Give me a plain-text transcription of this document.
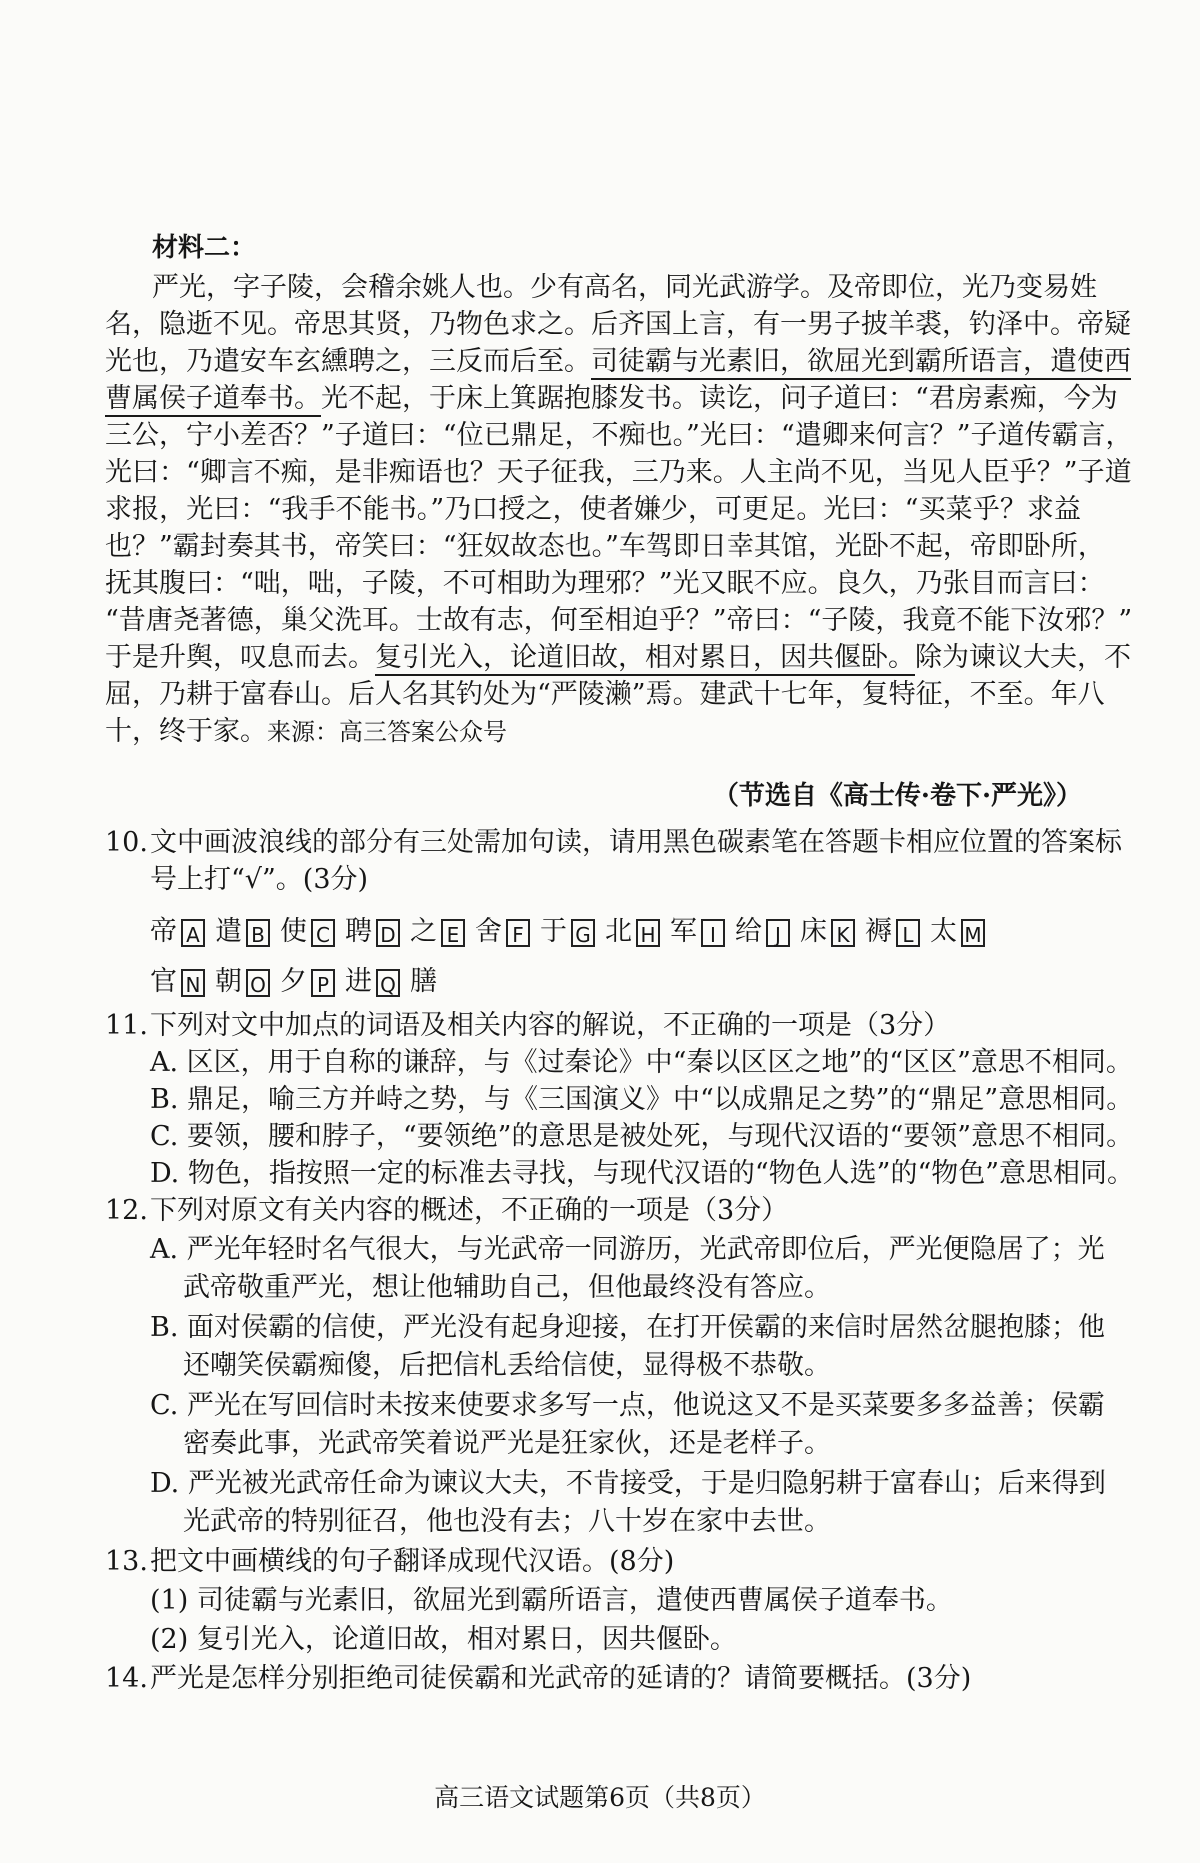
材料二：
严光，字子陵，会稽余姚人也。少有高名，同光武游学。及帝即位，光乃变易姓
名，隐逝不见。帝思其贤，乃物色求之。后齐国上言，有一男子披羊裘，钓泽中。帝疑
光也，乃遣安车玄纁聘之，三反而后至。司徒霸与光素旧，欲屈光到霸所语言，遣使西
曹属侯子道奉书。光不起，于床上箕踞抱膝发书。读讫，问子道曰：“君房素痴，今为
三公，宁小差否？”子道曰：“位已鼎足，不痴也。”光曰：“遣卿来何言？”子道传霸言，
光曰：“卿言不痴，是非痴语也？天子征我，三乃来。人主尚不见，当见人臣乎？”子道
求报，光曰：“我手不能书。”乃口授之，使者嫌少，可更足。光曰：“买菜乎？求益
也？”霸封奏其书，帝笑曰：“狂奴故态也。”车驾即日幸其馆，光卧不起，帝即卧所，
抚其腹曰：“咄，咄，子陵，不可相助为理邪？”光又眠不应。良久，乃张目而言曰：
“昔唐尧著德，巢父洗耳。士故有志，何至相迫乎？”帝曰：“子陵，我竟不能下汝邪？”
于是升舆，叹息而去。复引光入，论道旧故，相对累日，因共偃卧。除为谏议大夫，不
屈，乃耕于富春山。后人名其钓处为“严陵濑”焉。建武十七年，复特征，不至。年八
十，终于家。来源：高三答案公众号
（节选自《高士传·卷下·严光》）
10. 文中画波浪线的部分有三处需加句读，请用黑色碳素笔在答题卡相应位置的答案标
号上打“√”。(3分)
帝 A 遣 B 使 C 聘 D 之 E 舍 F 于 G 北 H 军 I 给 J 床 K 褥 L 太 M
官 N 朝 O 夕 P 进 Q 膳
11. 下列对文中加点的词语及相关内容的解说，不正确的一项是（3分）
A. 区区，用于自称的谦辞，与《过秦论》中“秦以区区之地”的“区区”意思不相同。
B. 鼎足，喻三方并峙之势，与《三国演义》中“以成鼎足之势”的“鼎足”意思相同。
C. 要领，腰和脖子，“要领绝”的意思是被处死，与现代汉语的“要领”意思不相同。
D. 物色，指按照一定的标准去寻找，与现代汉语的“物色人选”的“物色”意思相同。
12. 下列对原文有关内容的概述，不正确的一项是（3分）
A. 严光年轻时名气很大，与光武帝一同游历，光武帝即位后，严光便隐居了；光
武帝敬重严光，想让他辅助自己，但他最终没有答应。
B. 面对侯霸的信使，严光没有起身迎接，在打开侯霸的来信时居然岔腿抱膝；他
还嘲笑侯霸痴傻，后把信札丢给信使，显得极不恭敬。
C. 严光在写回信时未按来使要求多写一点，他说这又不是买菜要多多益善；侯霸
密奏此事，光武帝笑着说严光是狂家伙，还是老样子。
D. 严光被光武帝任命为谏议大夫，不肯接受，于是归隐躬耕于富春山；后来得到
光武帝的特别征召，他也没有去；八十岁在家中去世。
13. 把文中画横线的句子翻译成现代汉语。(8分)
(1) 司徒霸与光素旧，欲屈光到霸所语言，遣使西曹属侯子道奉书。
(2) 复引光入，论道旧故，相对累日，因共偃卧。
14. 严光是怎样分别拒绝司徒侯霸和光武帝的延请的？请简要概括。(3分)
高三语文试题第6页（共8页）
